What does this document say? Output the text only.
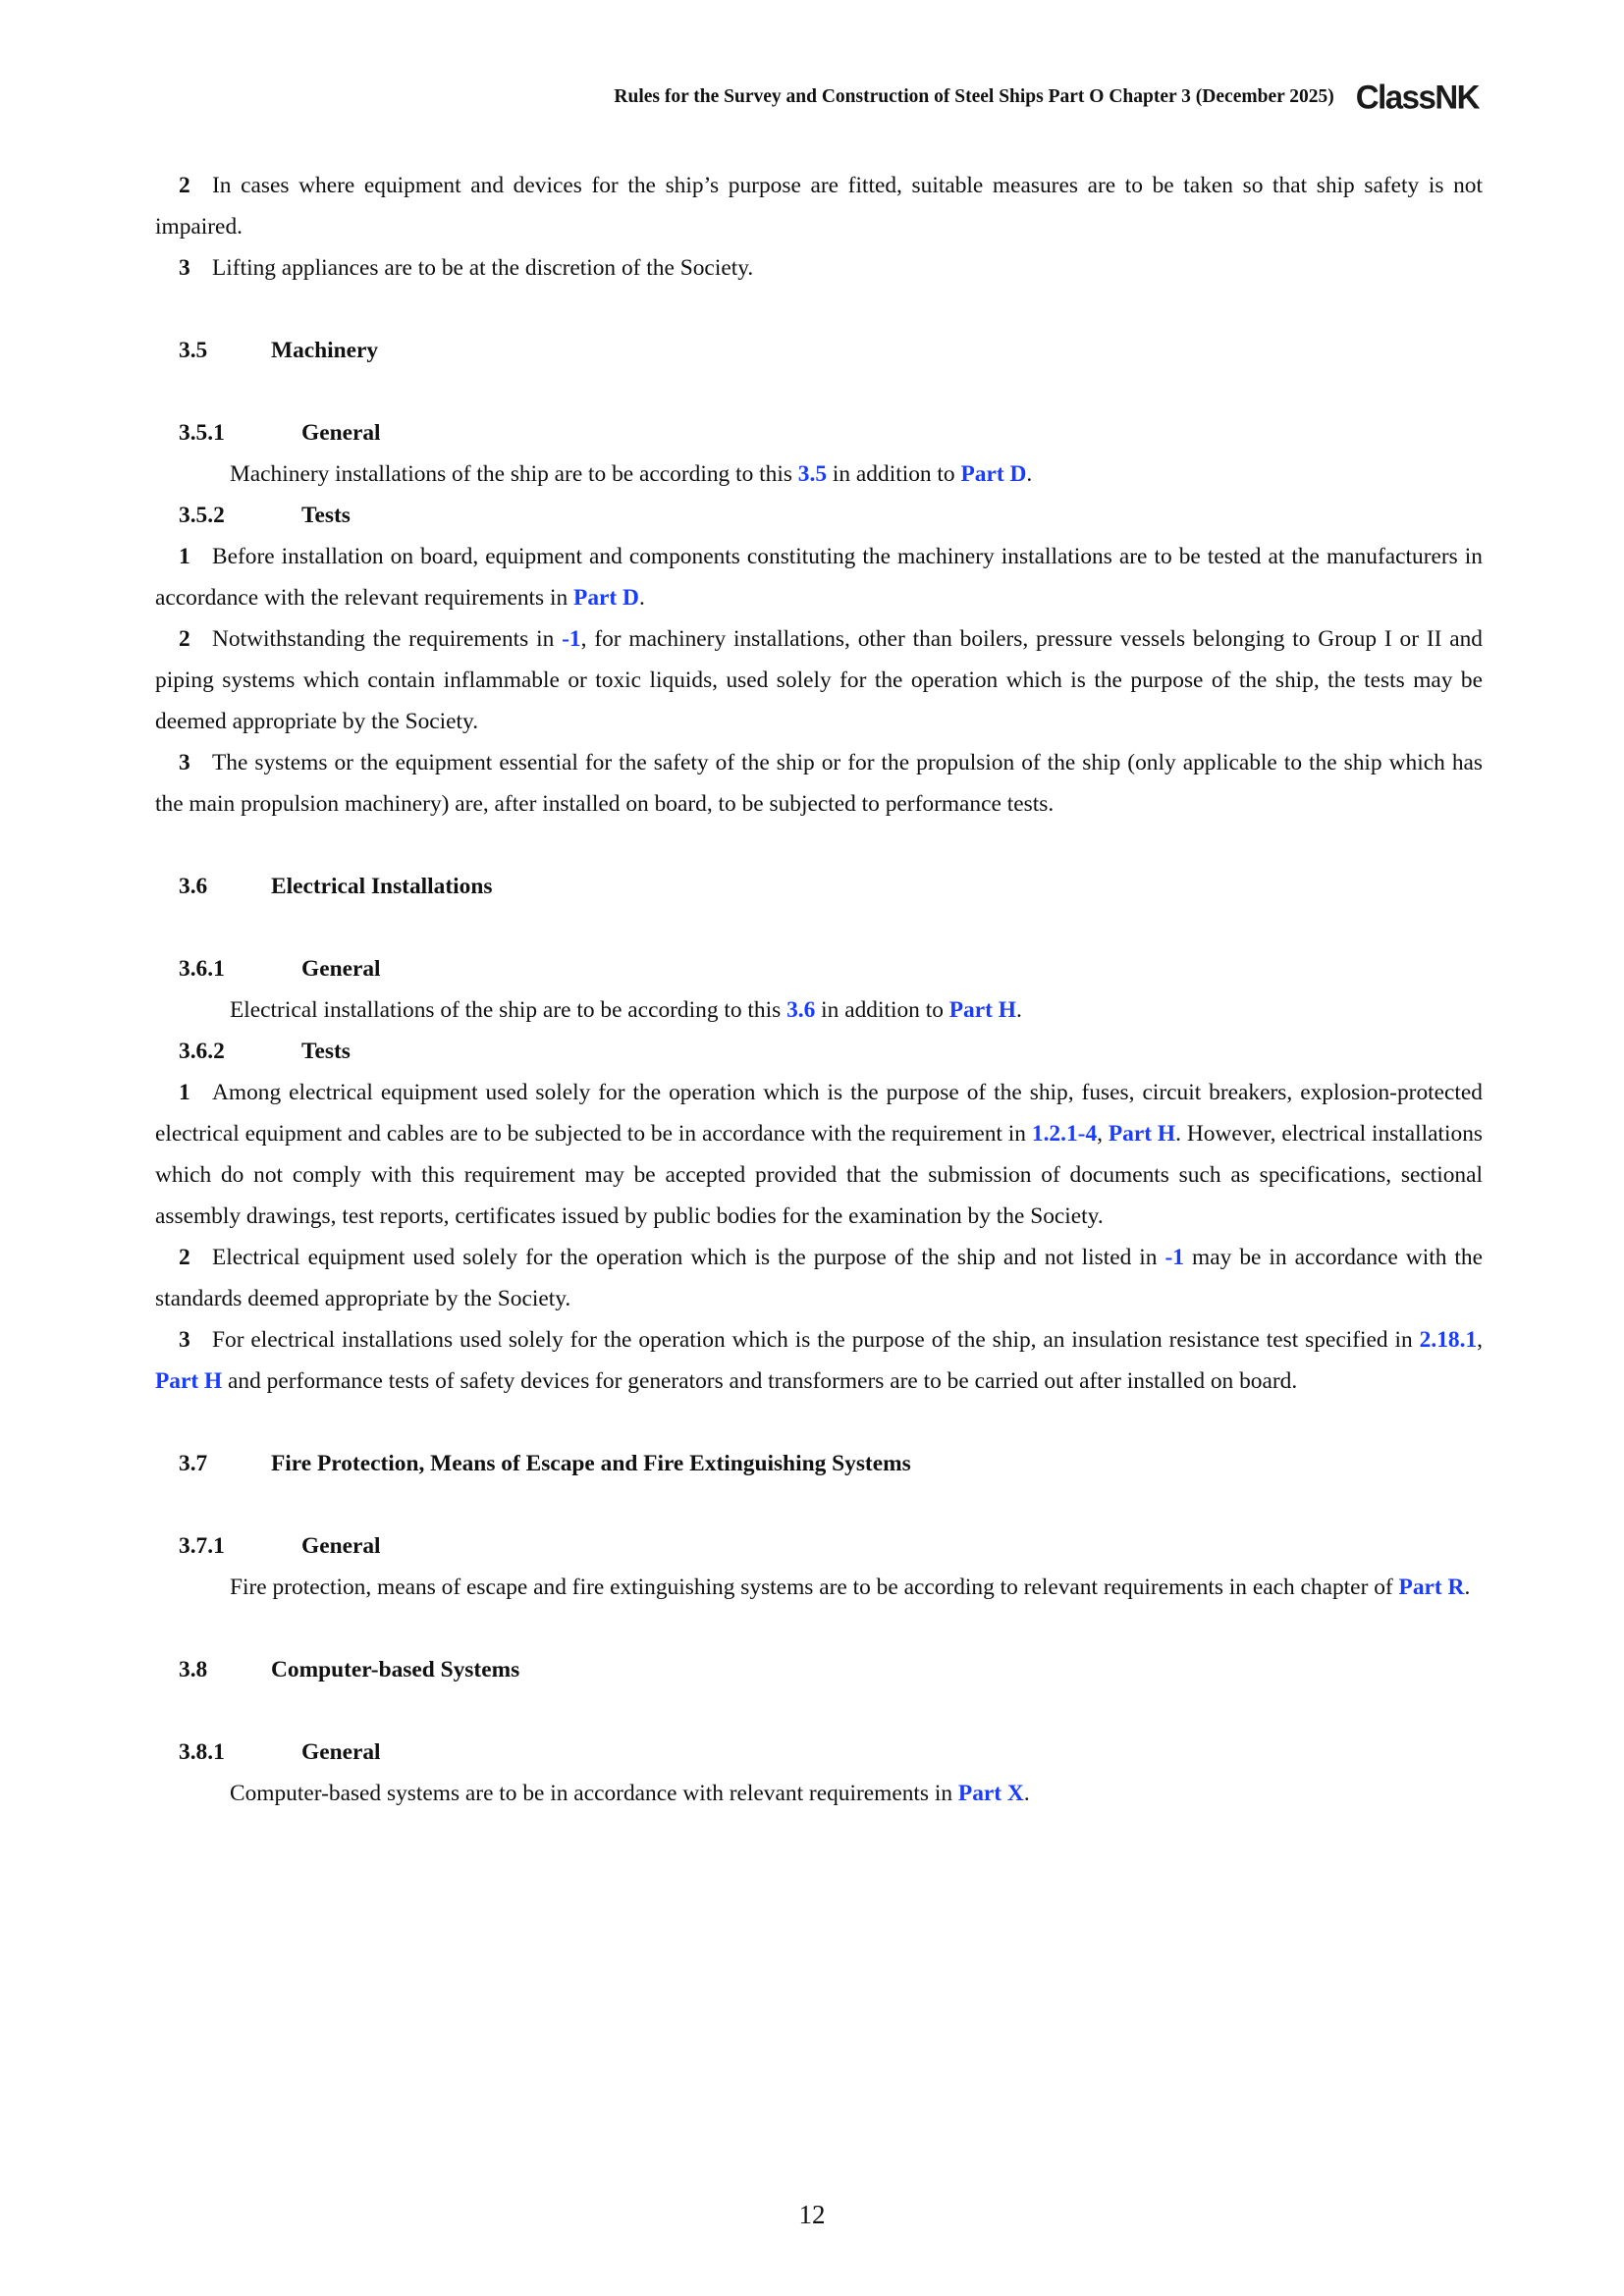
Rules for the Survey and Construction of Steel Ships Part O Chapter 3 (December 2025) ClassNK

2 In cases where equipment and devices for the ship’s purpose are fitted, suitable measures are to be taken so that ship safety is not impaired.

3 Lifting appliances are to be at the discretion of the Society.

3.5	Machinery
3.5.1	General

Machinery installations of the ship are to be according to this 3.5 in addition to Part D.

3.5.2	Tests

1 Before installation on board, equipment and components constituting the machinery installations are to be tested at the manufacturers in accordance with the relevant requirements in Part D.

2 Notwithstanding the requirements in -1, for machinery installations, other than boilers, pressure vessels belonging to Group I or II and piping systems which contain inflammable or toxic liquids, used solely for the operation which is the purpose of the ship, the tests may be deemed appropriate by the Society.

3 The systems or the equipment essential for the safety of the ship or for the propulsion of the ship (only applicable to the ship which has the main propulsion machinery) are, after installed on board, to be subjected to performance tests.

3.6	Electrical Installations
3.6.1	General

Electrical installations of the ship are to be according to this 3.6 in addition to Part H.

3.6.2	Tests

1 Among electrical equipment used solely for the operation which is the purpose of the ship, fuses, circuit breakers, explosion-protected electrical equipment and cables are to be subjected to be in accordance with the requirement in 1.2.1-4, Part H. However, electrical installations which do not comply with this requirement may be accepted provided that the submission of documents such as specifications, sectional assembly drawings, test reports, certificates issued by public bodies for the examination by the Society.

2 Electrical equipment used solely for the operation which is the purpose of the ship and not listed in -1 may be in accordance with the standards deemed appropriate by the Society.

3 For electrical installations used solely for the operation which is the purpose of the ship, an insulation resistance test specified in 2.18.1, Part H and performance tests of safety devices for generators and transformers are to be carried out after installed on board.

3.7	Fire Protection, Means of Escape and Fire Extinguishing Systems
3.7.1	General

Fire protection, means of escape and fire extinguishing systems are to be according to relevant requirements in each chapter of Part R.

3.8	Computer-based Systems
3.8.1	General

Computer-based systems are to be in accordance with relevant requirements in Part X.

12
